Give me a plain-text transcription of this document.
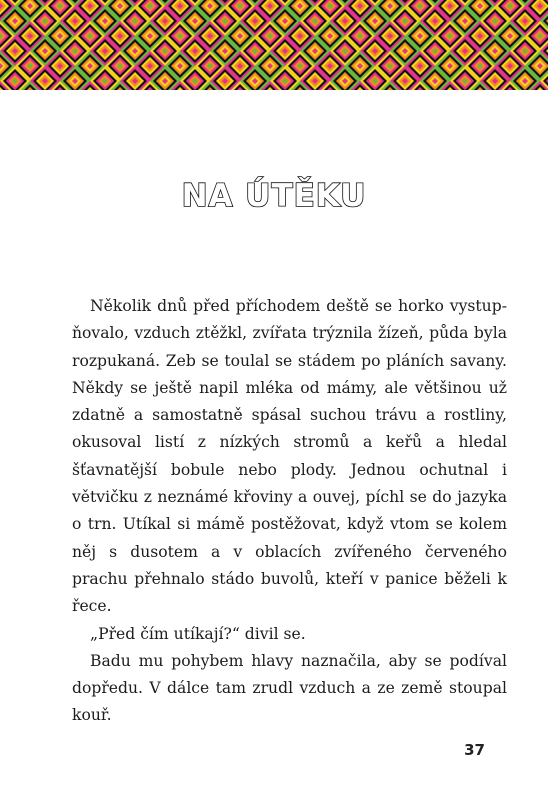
NA ÚTĚKU

Několik dnů před příchodem deště se horko vystupňovalo, vzduch ztěžkl, zvířata trýznila žízeň, půda byla rozpukaná. Zeb se toulal se stádem po pláních savany. Někdy se ještě napil mléka od mámy, ale většinou už zdatně a samostatně spásal suchou trávu a rostliny, okusoval listí z nízkých stromů a keřů a hledal šťavnatější bobule nebo plody. Jednou ochutnal i větvičku z neznámé křoviny a ouvej, píchl se do jazyka o trn. Utíkal si mámě postěžovat, když vtom se kolem něj s dusotem a v oblacích zvířeného červeného prachu přehnalo stádo buvolů, kteří v panice běželi k řece.

„Před čím utíkají?“ divil se.

Badu mu pohybem hlavy naznačila, aby se podíval dopředu. V dálce tam zrudl vzduch a ze země stoupal kouř.

37
